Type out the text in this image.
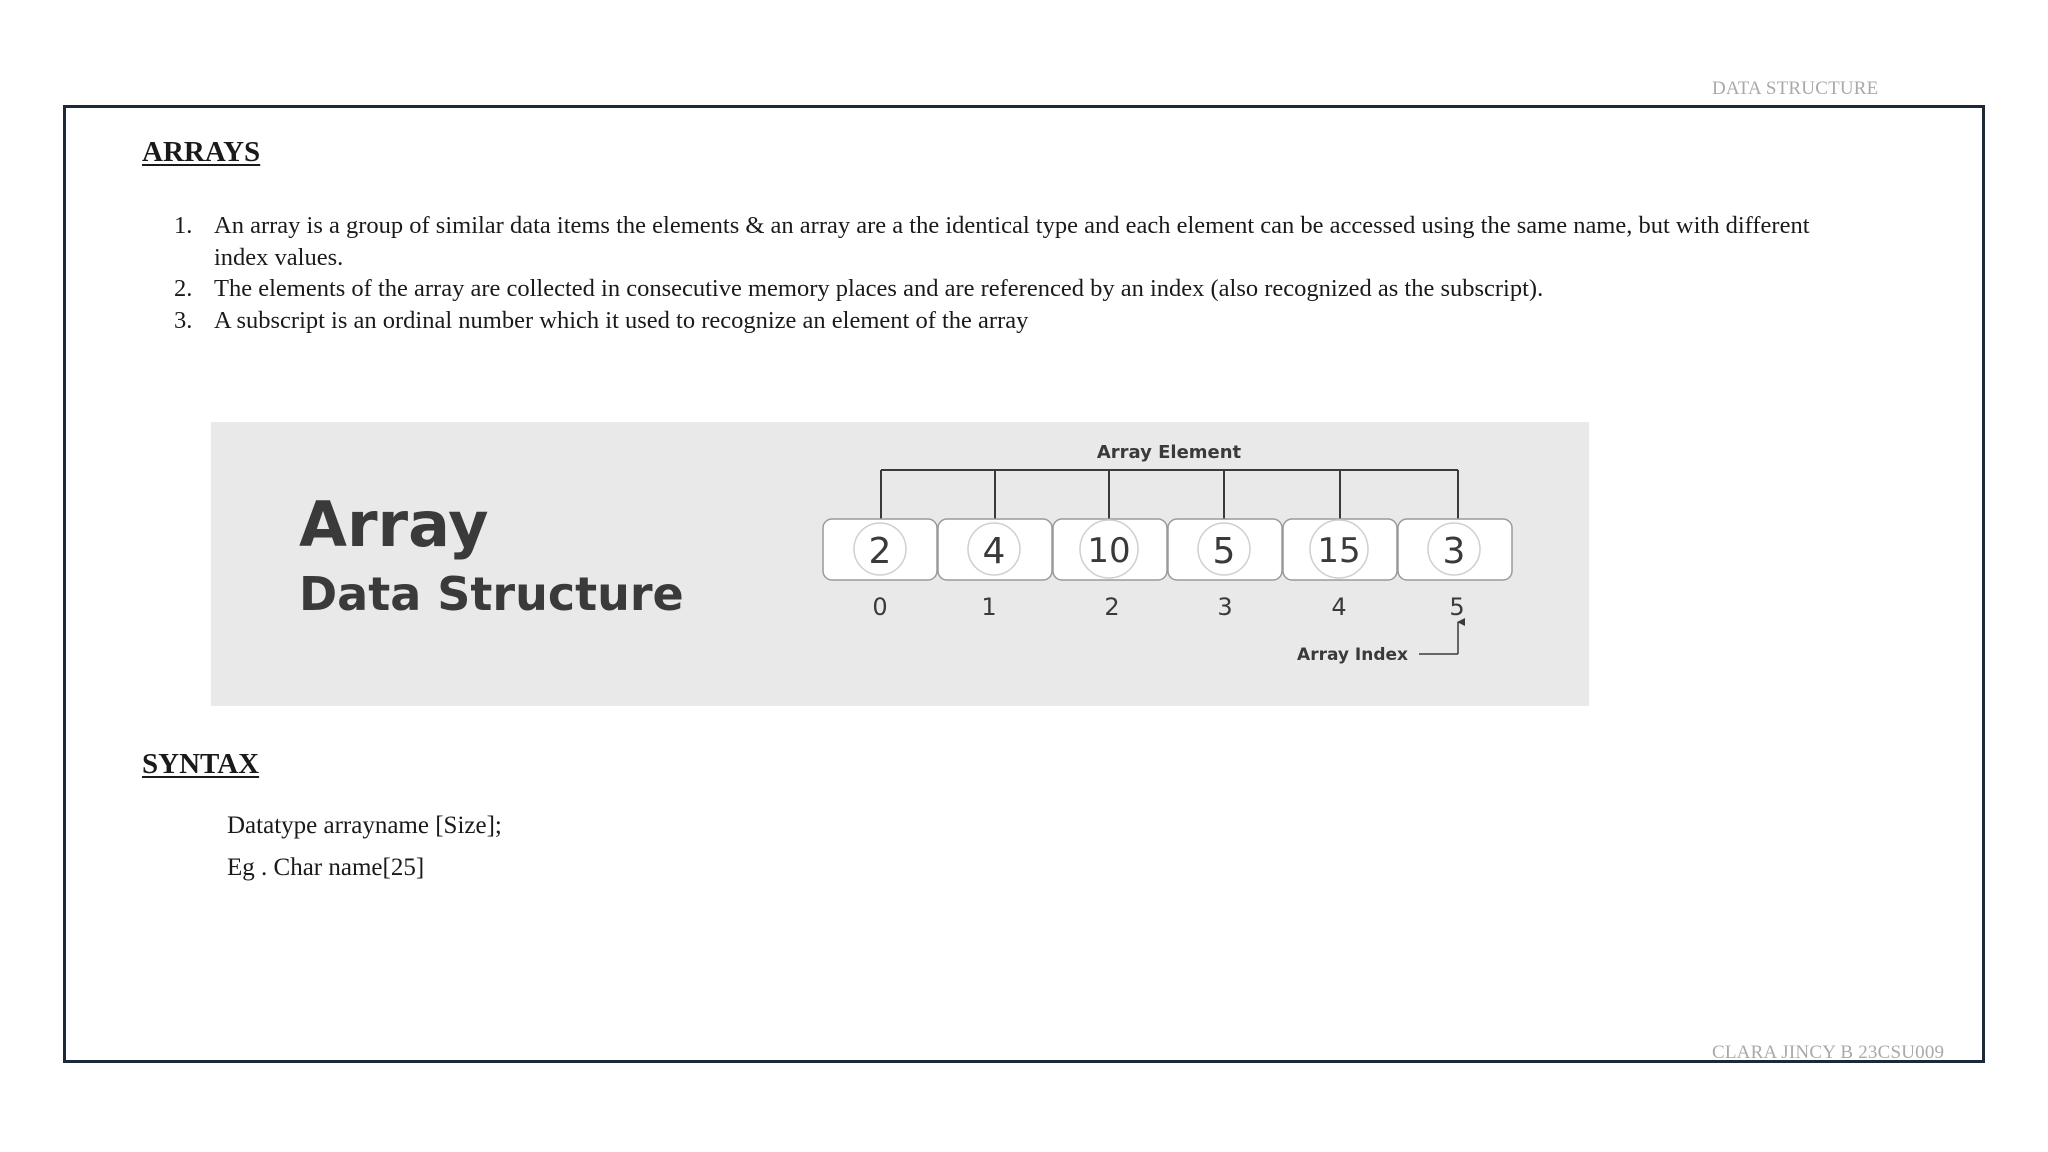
DATA STRUCTURE
ARRAYS
1. An array is a group of similar data items the elements & an array are a the identical type and each element can be accessed using the same name, but with different index values.
2. The elements of the array are collected in consecutive memory places and are referenced by an index (also recognized as the subscript).
3. A subscript is an ordinal number which it used to recognize an element of the array
Array
Data Structure
Array Element
2	4 10 5 15 3
0	1	2	3	4	5
Array Index
SYNTAX
Datatype arrayname [Size];
Eg . Char name[25]
CLARA JINCY B 23CSU009
